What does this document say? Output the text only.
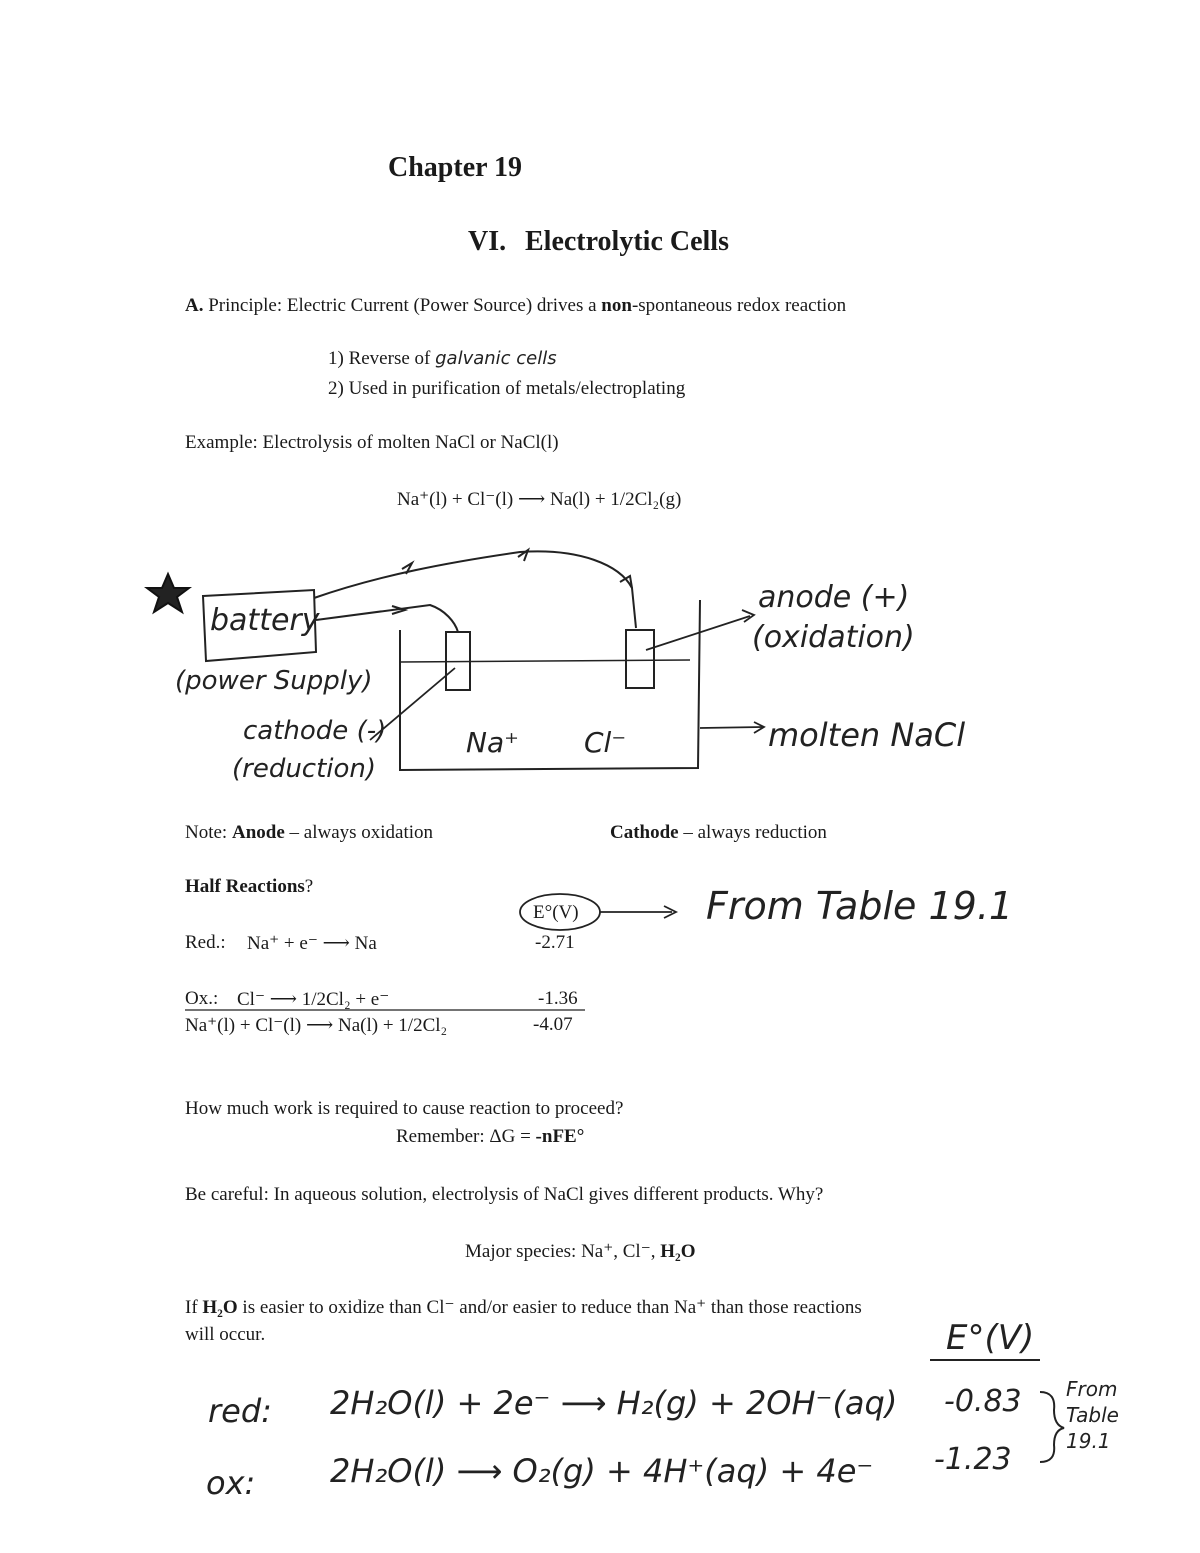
Chapter 19
VI. Electrolytic Cells
A. Principle: Electric Current (Power Source) drives a non-spontaneous redox reaction
1) Reverse of galvanic cells
2) Used in purification of metals/electroplating
Example: Electrolysis of molten NaCl or NaCl(l)
Na⁺(l) + Cl⁻(l) ⟶ Na(l) + 1/2Cl₂(g)
battery
(power Supply)
anode (+)
(oxidation)
cathode (-)
(reduction)
Na⁺ Cl⁻	molten NaCl
Note: Anode – always oxidation	Cathode – always reduction
Half Reactions?
E°(V)	From Table 19.1
Red.: Na⁺ + e⁻ ⟶ Na	-2.71
Ox.: Cl⁻ ⟶ 1/2Cl₂ + e⁻	-1.36
Na⁺(l) + Cl⁻(l) ⟶ Na(l) + 1/2Cl₂	-4.07
How much work is required to cause reaction to proceed?
Remember: ΔG = -nFE°
Be careful: In aqueous solution, electrolysis of NaCl gives different products. Why?
Major species: Na⁺, Cl⁻, H₂O
If H₂O is easier to oxidize than Cl⁻ and/or easier to reduce than Na⁺ than those reactions
will occur.	E°(V)
red: 2H₂O(l) + 2e⁻ ⟶ H₂(g) + 2OH⁻(aq) -0.83
ox: 2H₂O(l) ⟶ O₂(g) + 4H⁺(aq) + 4e⁻ -1.23
From Table 19.1
